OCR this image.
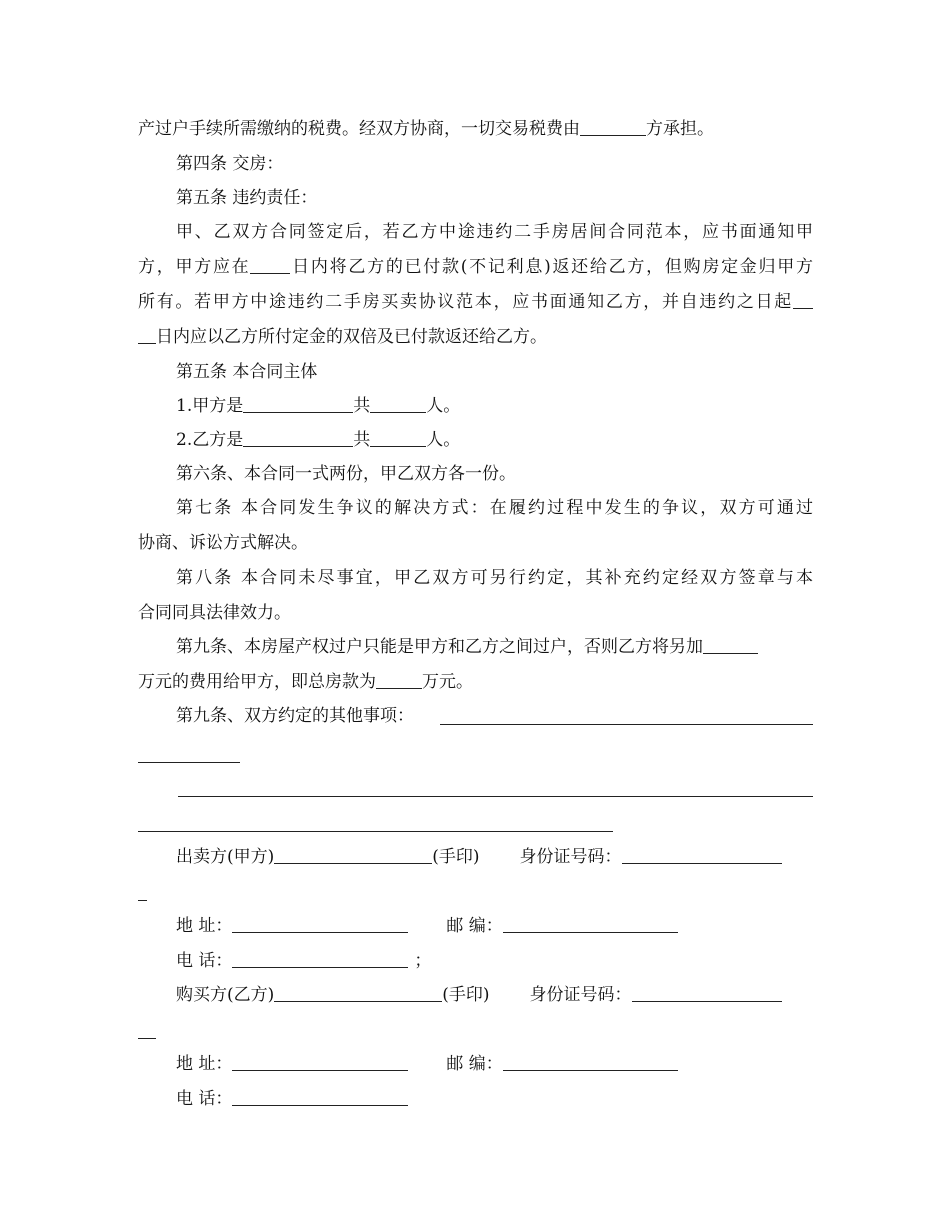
产过户手续所需缴纳的税费。经双方协商，一切交易税费由	方承担。
第四条 交房：
第五条 违约责任：
甲、乙双方合同签定后，若乙方中途违约二手房居间合同范本，应书面通知甲
方，甲方应在 日内将乙方的已付款(不记利息)返还给乙方，但购房定金归甲方
所有。若甲方中途违约二手房买卖协议范本，应书面通知乙方，并自违约之日起
日内应以乙方所付定金的双倍及已付款返还给乙方。
第五条 本合同主体
1.甲方是	共	人。
2.乙方是	共	人。
第六条、本合同一式两份，甲乙双方各一份。
第七条 本合同发生争议的解决方式：在履约过程中发生的争议，双方可通过
协商、诉讼方式解决。
第八条 本合同未尽事宜，甲乙双方可另行约定，其补充约定经双方签章与本
合同同具法律效力。
第九条、本房屋产权过户只能是甲方和乙方之间过户，否则乙方将另加
万元的费用给甲方，即总房款为	万元。
第九条、双方约定的其他事项：
出卖方(甲方)	(手印) 身份证号码：
地 址：	邮 编：
电 话：	；
购买方(乙方)	(手印) 身份证号码：
地 址：	邮 编：
电 话：
